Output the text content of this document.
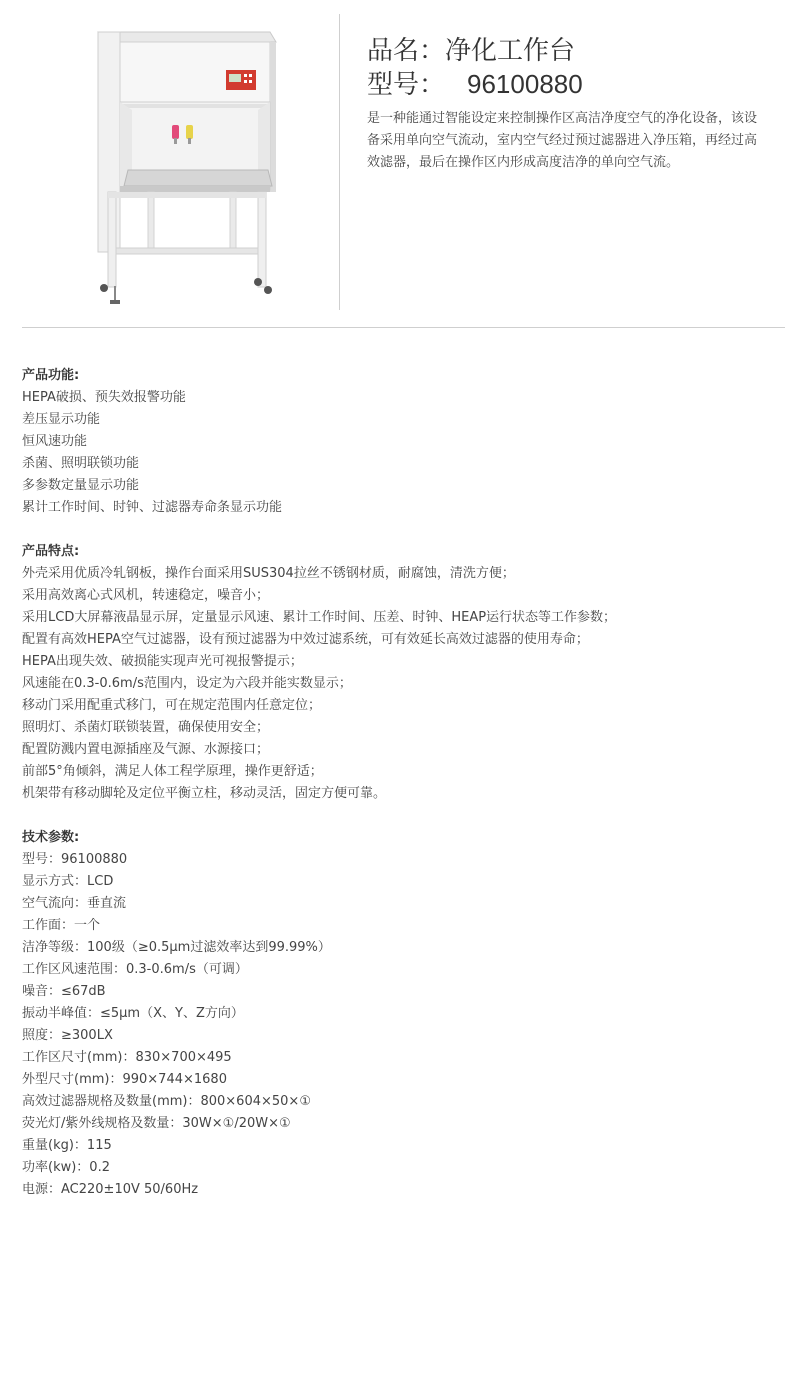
品名：净化工作台
型号： 96100880
是一种能通过智能设定来控制操作区高洁净度空气的净化设备，该设备采用单向空气流动，室内空气经过预过滤器进入净压箱，再经过高效滤器，最后在操作区内形成高度洁净的单向空气流。
产品功能:
HEPA破损、预失效报警功能
差压显示功能
恒风速功能
杀菌、照明联锁功能
多参数定量显示功能
累计工作时间、时钟、过滤器寿命条显示功能
产品特点:
外壳采用优质冷轧钢板，操作台面采用SUS304拉丝不锈钢材质，耐腐蚀，清洗方便；
采用高效离心式风机，转速稳定，噪音小；
采用LCD大屏幕液晶显示屏，定量显示风速、累计工作时间、压差、时钟、HEAP运行状态等工作参数；
配置有高效HEPA空气过滤器，设有预过滤器为中效过滤系统，可有效延长高效过滤器的使用寿命；
HEPA出现失效、破损能实现声光可视报警提示；
风速能在0.3-0.6m/s范围内，设定为六段并能实数显示；
移动门采用配重式移门，可在规定范围内任意定位；
照明灯、杀菌灯联锁装置，确保使用安全；
配置防溅内置电源插座及气源、水源接口；
前部5°角倾斜，满足人体工程学原理，操作更舒适；
机架带有移动脚轮及定位平衡立柱，移动灵活，固定方便可靠。
技术参数:
型号：96100880
显示方式：LCD
空气流向：垂直流
工作面：一个
洁净等级：100级（≥0.5μm过滤效率达到99.99%）
工作区风速范围：0.3-0.6m/s（可调）
噪音：≤67dB
振动半峰值：≤5μm（X、Y、Z方向）
照度：≥300LX
工作区尺寸(mm)：830×700×495
外型尺寸(mm)：990×744×1680
高效过滤器规格及数量(mm)：800×604×50×①
荧光灯/紫外线规格及数量：30W×①/20W×①
重量(kg)：115
功率(kw)：0.2
电源：AC220±10V 50/60Hz
